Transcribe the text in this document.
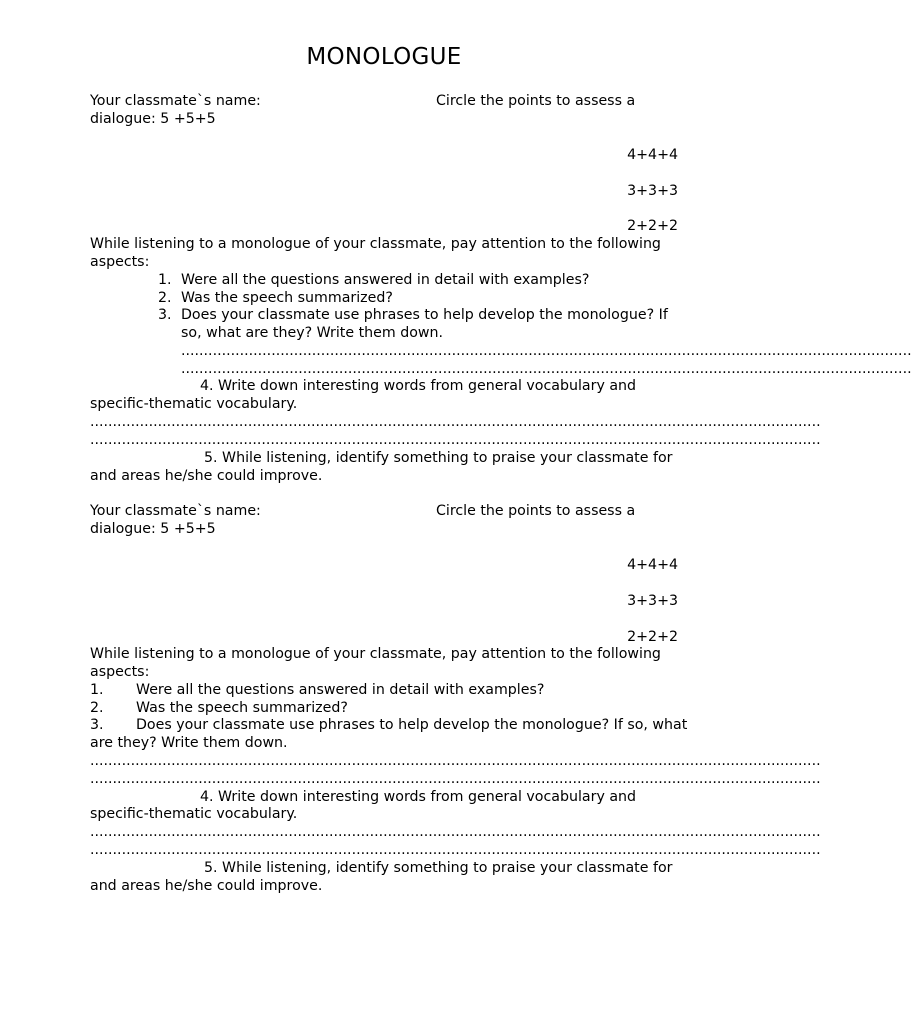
MONOLOGUE
Your classmate`s name:	Circle the points to assess a
dialogue: 5 +5+5
4+4+4
3+3+3
2+2+2
While listening to a monologue of your classmate, pay attention to the following
aspects:
1. Were all the questions answered in detail with examples?
2. Was the speech summarized?
3. Does your classmate use phrases to help develop the monologue? If
so, what are they? Write them down.
..................................................................................................................................................................
..................................................................................................................................................................
4. Write down interesting words from general vocabulary and
specific-thematic vocabulary.
..................................................................................................................................................................
..................................................................................................................................................................
5. While listening, identify something to praise your classmate for
and areas he/she could improve.
Your classmate`s name:	Circle the points to assess a
dialogue: 5 +5+5
4+4+4
3+3+3
2+2+2
While listening to a monologue of your classmate, pay attention to the following
aspects:
1. Were all the questions answered in detail with examples?
2. Was the speech summarized?
3. Does your classmate use phrases to help develop the monologue? If so, what
are they? Write them down.
..................................................................................................................................................................
..................................................................................................................................................................
4. Write down interesting words from general vocabulary and
specific-thematic vocabulary.
..................................................................................................................................................................
..................................................................................................................................................................
5. While listening, identify something to praise your classmate for
and areas he/she could improve.
